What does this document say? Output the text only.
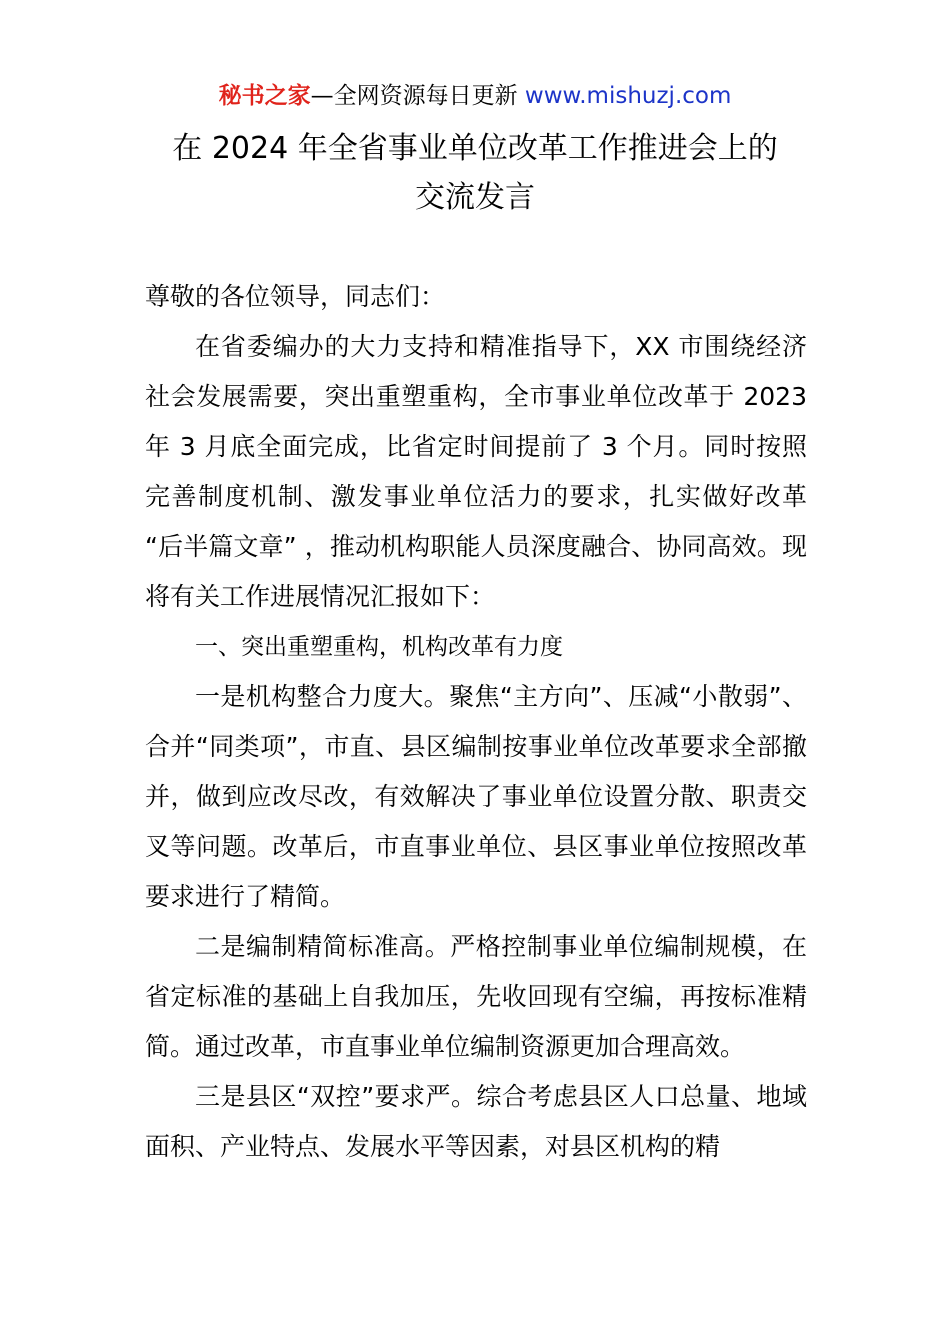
秘书之家—全网资源每日更新 www.mishuzj.com
在 2024 年全省事业单位改革工作推进会上的
交流发言

尊敬的各位领导，同志们：

在省委编办的大力支持和精准指导下，XX 市围绕经济社会发展需要，突出重塑重构，全市事业单位改革于 2023 年 3 月底全面完成，比省定时间提前了 3 个月。同时按照完善制度机制、激发事业单位活力的要求，扎实做好改革 “后半篇文章” ，推动机构职能人员深度融合、协同高效。现将有关工作进展情况汇报如下：

一、突出重塑重构，机构改革有力度

一是机构整合力度大。聚焦“主方向”、压减“小散弱”、合并“同类项”，市直、县区编制按事业单位改革要求全部撤并，做到应改尽改，有效解决了事业单位设置分散、职责交叉等问题。改革后，市直事业单位、县区事业单位按照改革要求进行了精简。

二是编制精简标准高。严格控制事业单位编制规模，在省定标准的基础上自我加压，先收回现有空编，再按标准精简。通过改革，市直事业单位编制资源更加合理高效。

三是县区“双控”要求严。综合考虑县区人口总量、地域面积、产业特点、发展水平等因素，对县区机构的精
